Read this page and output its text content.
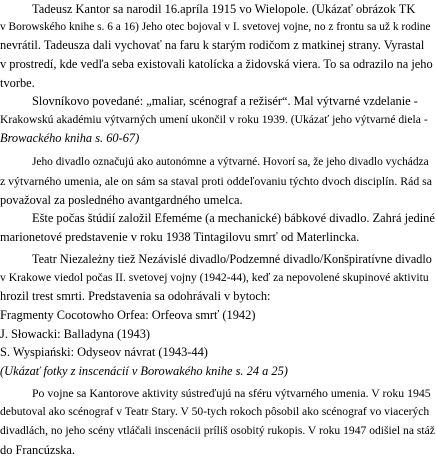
Tadeusz Kantor sa narodil 16.apríla 1915 vo Wielopole. (Ukázať obrázok TK
v Borowského knihe s. 6 a 16) Jeho otec bojoval v I. svetovej vojne, no z frontu sa už k rodine
nevrátil. Tadeusza dali vychovať na faru k starým rodičom z matkinej strany. Vyrastal
v prostredí, kde vedľa seba existovali katolícka a židovská viera. To sa odrazilo na jeho
tvorbe.
Slovníkovo povedané: „maliar, scénograf a režisér“. Mal výtvarné vzdelanie -
Krakowskú akadémiu výtvarných umení ukončil v roku 1939. (Ukázať jeho výtvarné diela -
Browackého kniha s. 60-67)
Jeho divadlo označujú ako autonómne a výtvarné. Hovorí sa, že jeho divadlo vychádza
z výtvarného umenia, ale on sám sa staval proti oddeľovaniu týchto dvoch disciplín. Rád sa
považoval za posledného avantgardného umelca.
Ešte počas štúdií založil Efeméme (a mechanické) bábkové divadlo. Zahrá jediné
marionetové predstavenie v roku 1938 Tintagilovu smrť od Materlincka.
Teatr Niezależny tiež Nezávislé divadlo/Podzemné divadlo/Konšpiratívne divadlo
v Krakowe viedol počas II. svetovej vojny (1942-44), keď za nepovolené skupinové aktivitu
hrozil trest smrti. Predstavenia sa odohrávali v bytoch:
Fragmenty Cocotowho Orfea: Orfeova smrť (1942)
J. Słowacki: Balladyna (1943)
S. Wyspiański: Odyseov návrat (1943-44)
(Ukázať fotky z inscenácií v Borowakého knihe s. 24 a 25)
Po vojne sa Kantorove aktivity sústreďujú na sféru výtvarného umenia. V roku 1945
debutoval ako scénograf v Teatr Stary. V 50-tych rokoch pôsobil ako scénograf vo viacerých
divadlách, no jeho scény vtláčali inscenácii príliš osobitý rukopis. V roku 1947 odišiel na stáž
do Francúzska.
